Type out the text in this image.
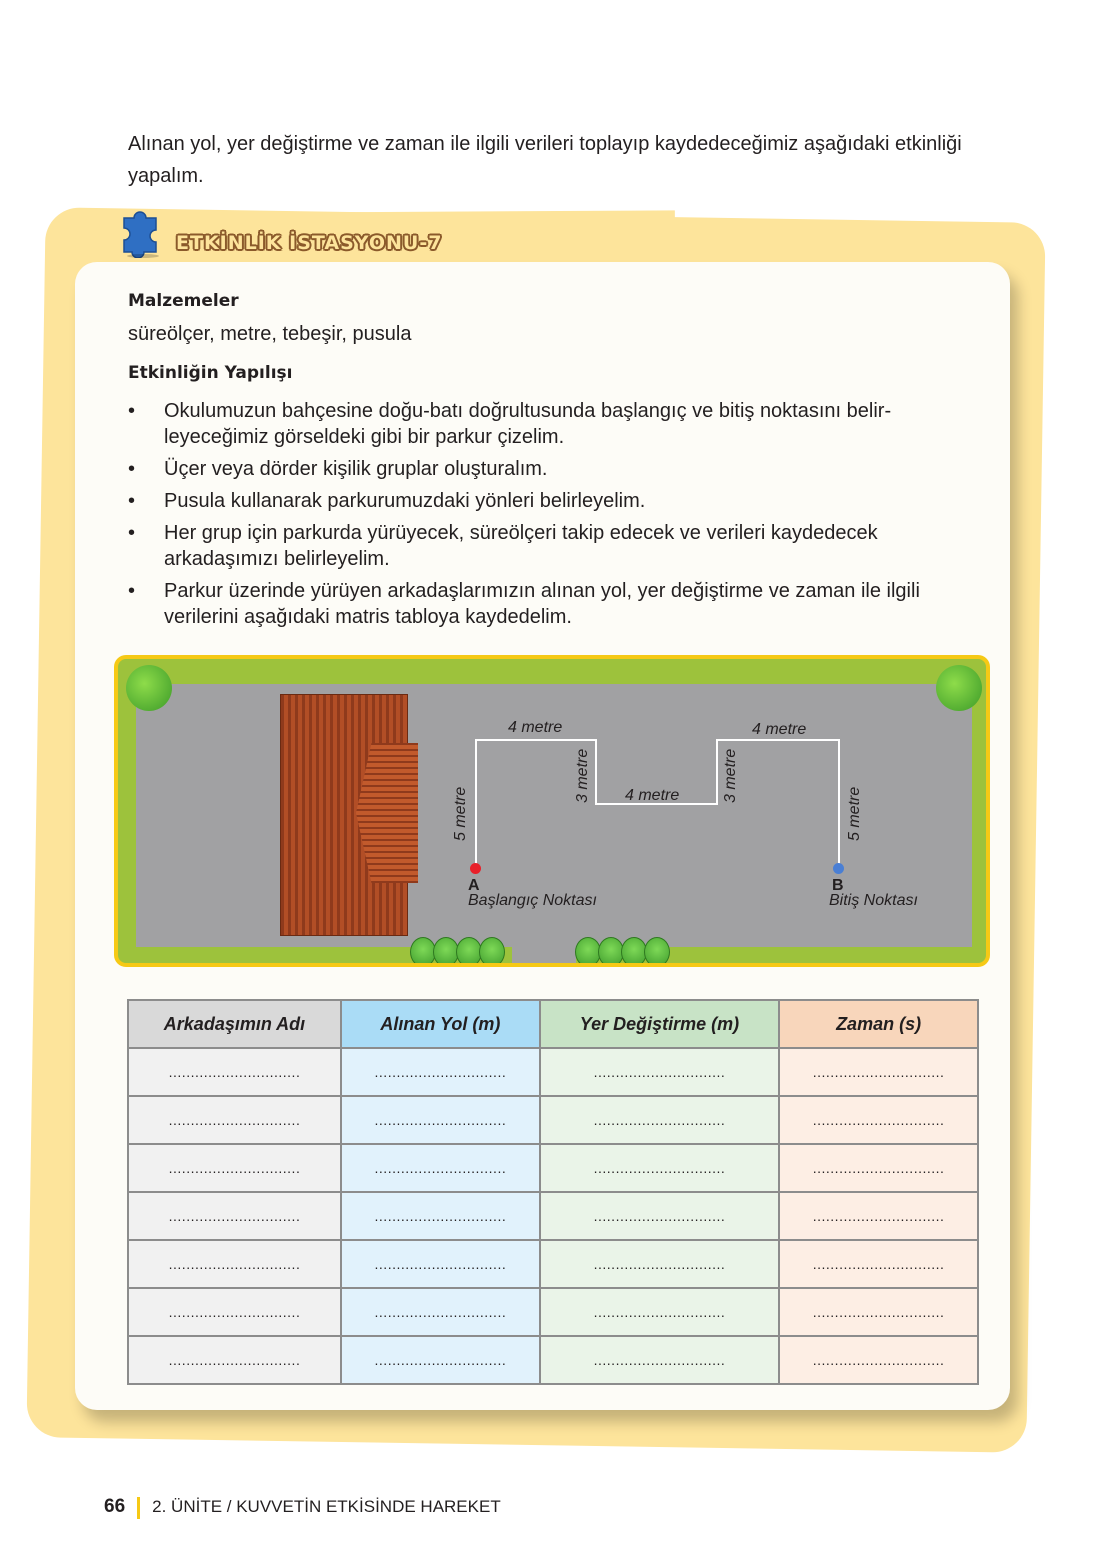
Alınan yol, yer değiştirme ve zaman ile ilgili verileri toplayıp kaydedeceğimiz aşağıdaki etkinliği yapalım.

ETKİNLİK İSTASYONU-7
Malzemeler
süreölçer, metre, tebeşir, pusula
Etkinliğin Yapılışı
• Okulumuzun bahçesine doğu-batı doğrultusunda başlangıç ve bitiş noktasını belir-leyeceğimiz görseldeki gibi bir parkur çizelim.
• Üçer veya dörder kişilik gruplar oluşturalım.
• Pusula kullanarak parkurumuzdaki yönleri belirleyelim.
• Her grup için parkurda yürüyecek, süreölçeri takip edecek ve verileri kaydedecek arkadaşımızı belirleyelim.
• Parkur üzerinde yürüyen arkadaşlarımızın alınan yol, yer değiştirme ve zaman ile ilgili verilerini aşağıdaki matris tabloya kaydedelim.
5 metre
4 metre
3 metre 4 metre	3 metre
4 metre
5 metre
A
Başlangıç Noktası
B
Bitiş Noktası
Arkadaşımın Adı	Alınan Yol (m)	Yer Değiştirme (m)	Zaman (s)
..............................	..............................	..............................	..............................
..............................	..............................	..............................	..............................
..............................	..............................	..............................	..............................
..............................	..............................	..............................	..............................
..............................	..............................	..............................	..............................
..............................	..............................	..............................	..............................
..............................	..............................	..............................	..............................
66 2. ÜNİTE / KUVVETİN ETKİSİNDE HAREKET
